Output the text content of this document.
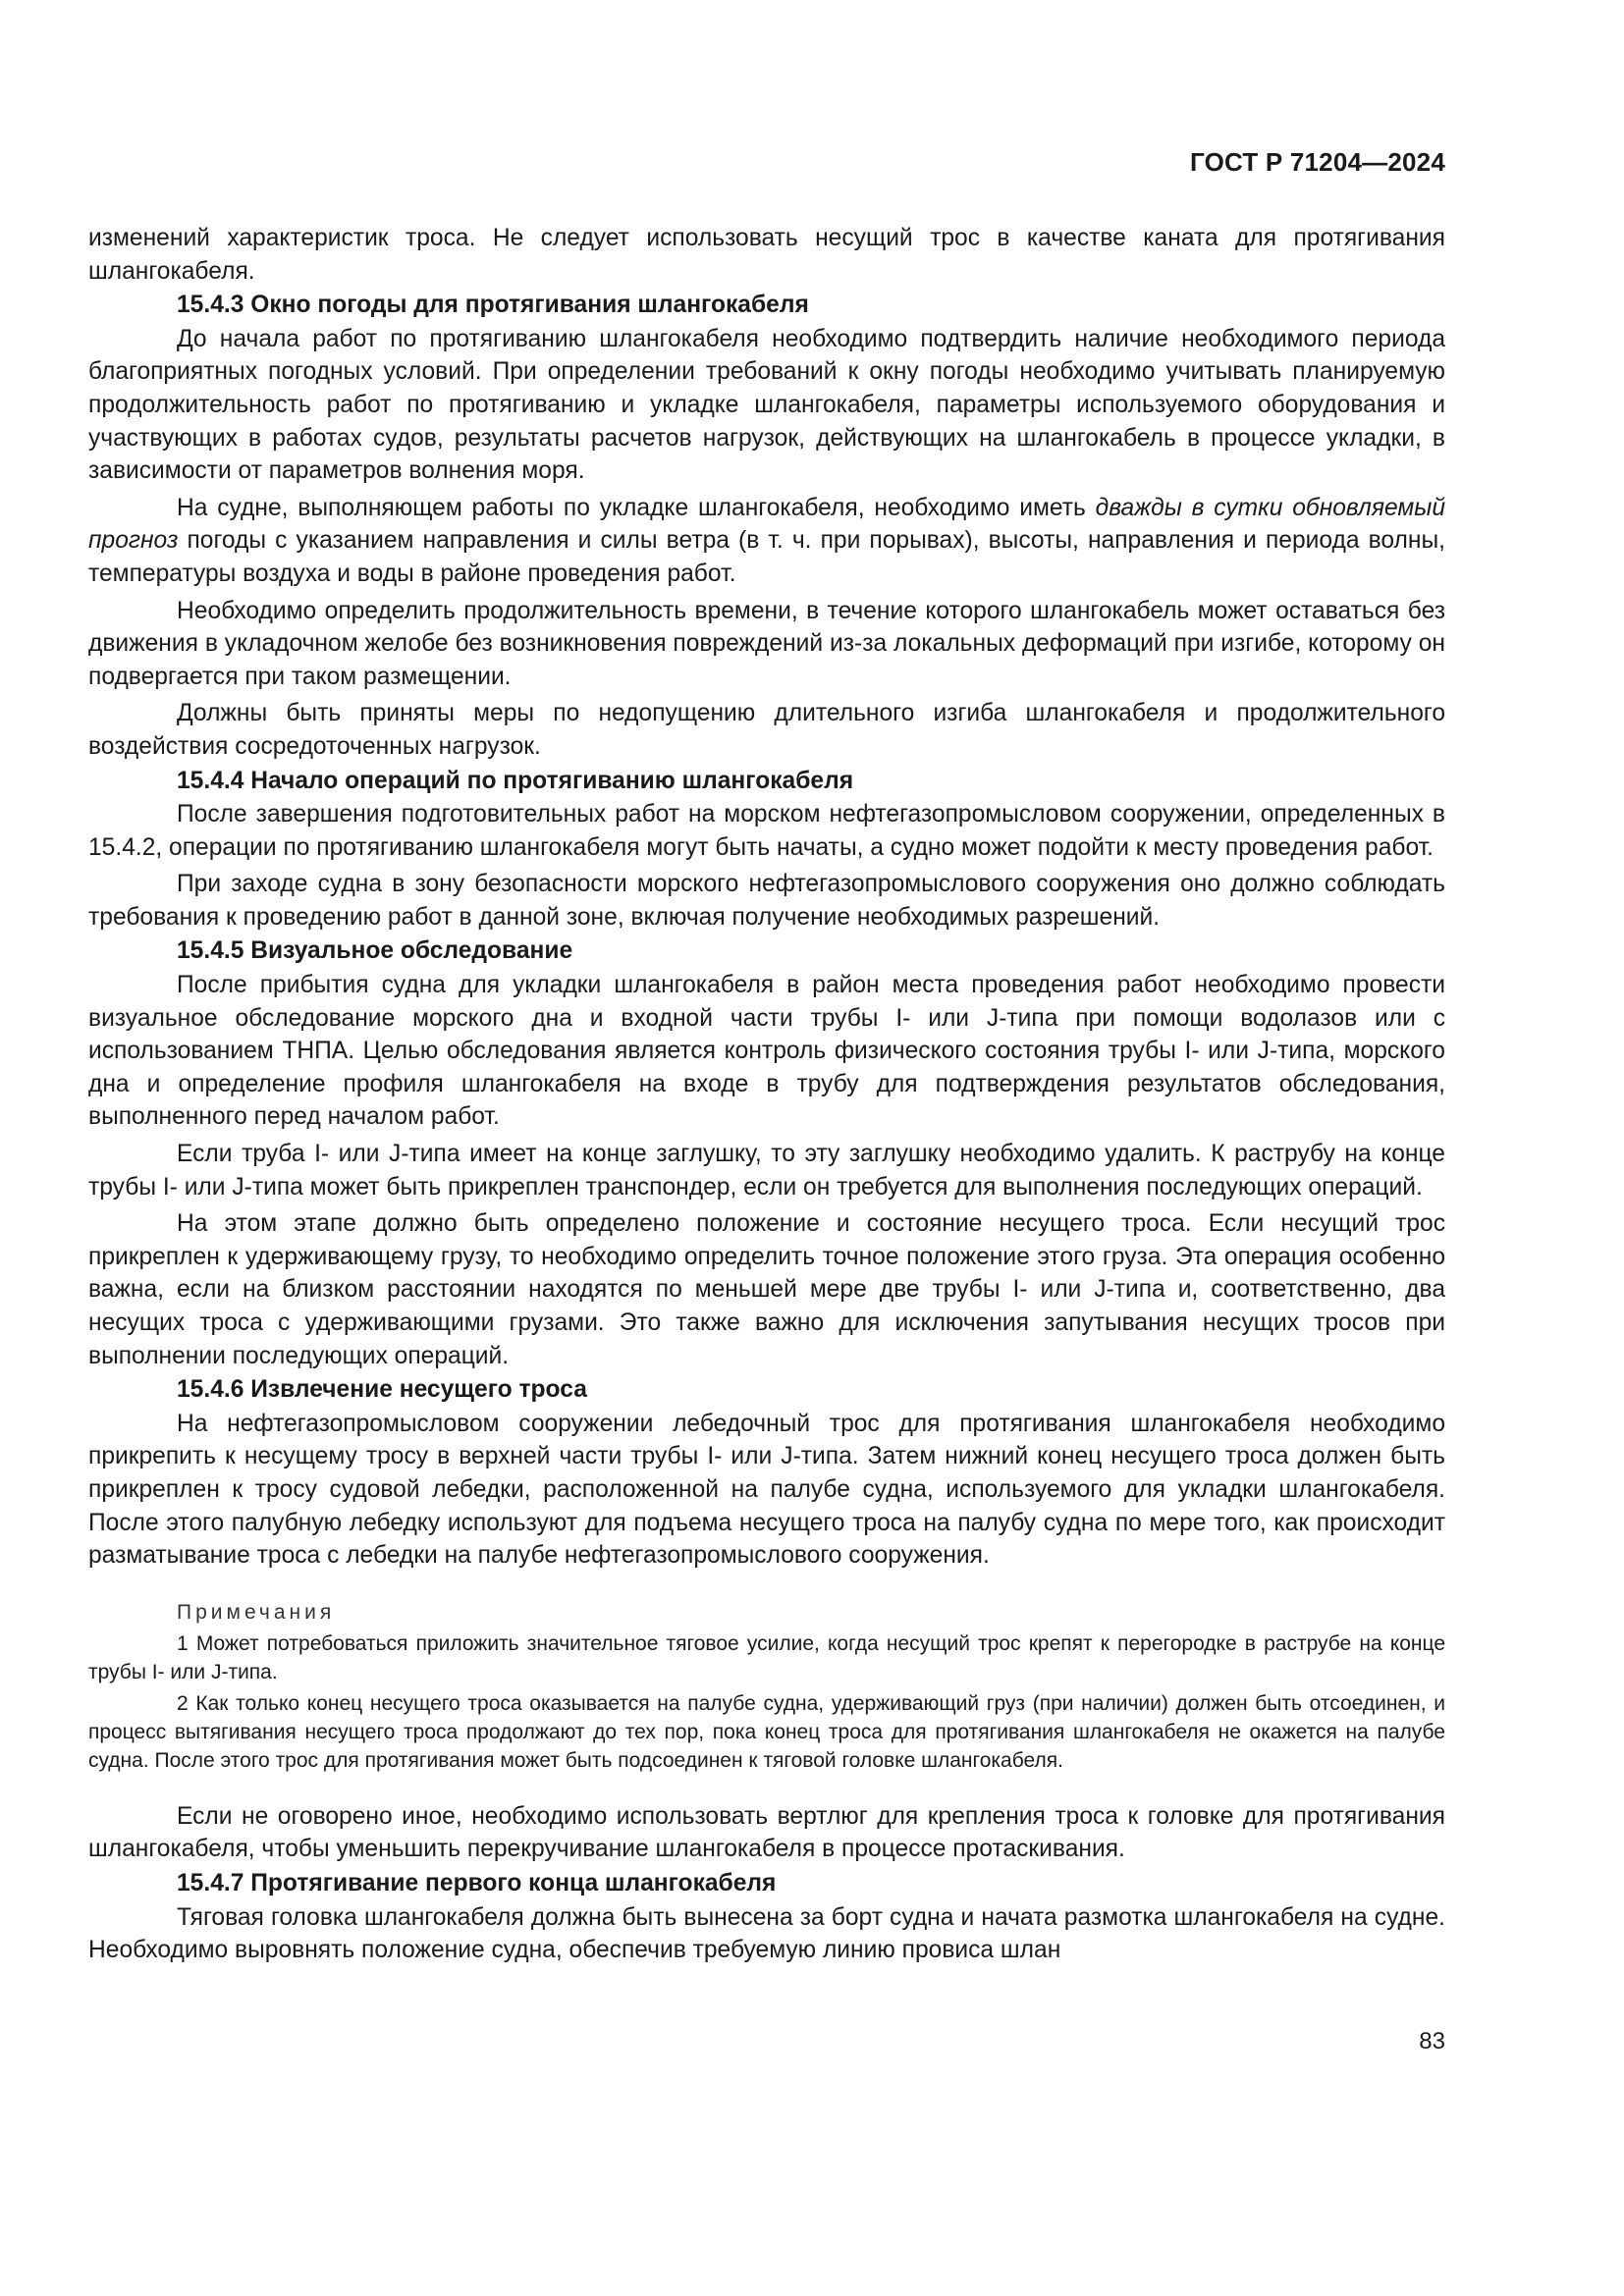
ГОСТ Р 71204—2024

изменений характеристик троса. Не следует использовать несущий трос в качестве каната для протягивания шлангокабеля.

15.4.3 Окно погоды для протягивания шлангокабеля

До начала работ по протягиванию шлангокабеля необходимо подтвердить наличие необходимого периода благоприятных погодных условий. При определении требований к окну погоды необходимо учитывать планируемую продолжительность работ по протягиванию и укладке шлангокабеля, параметры используемого оборудования и участвующих в работах судов, результаты расчетов нагрузок, действующих на шлангокабель в процессе укладки, в зависимости от параметров волнения моря.

На судне, выполняющем работы по укладке шлангокабеля, необходимо иметь дважды в сутки обновляемый прогноз погоды с указанием направления и силы ветра (в т. ч. при порывах), высоты, направления и периода волны, температуры воздуха и воды в районе проведения работ.

Необходимо определить продолжительность времени, в течение которого шлангокабель может оставаться без движения в укладочном желобе без возникновения повреждений из-за локальных деформаций при изгибе, которому он подвергается при таком размещении.

Должны быть приняты меры по недопущению длительного изгиба шлангокабеля и продолжительного воздействия сосредоточенных нагрузок.

15.4.4 Начало операций по протягиванию шлангокабеля

После завершения подготовительных работ на морском нефтегазопромысловом сооружении, определенных в 15.4.2, операции по протягиванию шлангокабеля могут быть начаты, а судно может подойти к месту проведения работ.

При заходе судна в зону безопасности морского нефтегазопромыслового сооружения оно должно соблюдать требования к проведению работ в данной зоне, включая получение необходимых разрешений.

15.4.5 Визуальное обследование

После прибытия судна для укладки шлангокабеля в район места проведения работ необходимо провести визуальное обследование морского дна и входной части трубы I- или J-типа при помощи водолазов или с использованием ТНПА. Целью обследования является контроль физического состояния трубы I- или J-типа, морского дна и определение профиля шлангокабеля на входе в трубу для подтверждения результатов обследования, выполненного перед началом работ.

Если труба I- или J-типа имеет на конце заглушку, то эту заглушку необходимо удалить. К раструбу на конце трубы I- или J-типа может быть прикреплен транспондер, если он требуется для выполнения последующих операций.

На этом этапе должно быть определено положение и состояние несущего троса. Если несущий трос прикреплен к удерживающему грузу, то необходимо определить точное положение этого груза. Эта операция особенно важна, если на близком расстоянии находятся по меньшей мере две трубы I- или J-типа и, соответственно, два несущих троса с удерживающими грузами. Это также важно для исключения запутывания несущих тросов при выполнении последующих операций.

15.4.6 Извлечение несущего троса

На нефтегазопромысловом сооружении лебедочный трос для протягивания шлангокабеля необходимо прикрепить к несущему тросу в верхней части трубы I- или J-типа. Затем нижний конец несущего троса должен быть прикреплен к тросу судовой лебедки, расположенной на палубе судна, используемого для укладки шлангокабеля. После этого палубную лебедку используют для подъема несущего троса на палубу судна по мере того, как происходит разматывание троса с лебедки на палубе нефтегазопромыслового сооружения.

Примечания

1 Может потребоваться приложить значительное тяговое усилие, когда несущий трос крепят к перегородке в раструбе на конце трубы I- или J-типа.

2 Как только конец несущего троса оказывается на палубе судна, удерживающий груз (при наличии) должен быть отсоединен, и процесс вытягивания несущего троса продолжают до тех пор, пока конец троса для протягивания шлангокабеля не окажется на палубе судна. После этого трос для протягивания может быть подсоединен к тяговой головке шлангокабеля.

Если не оговорено иное, необходимо использовать вертлюг для крепления троса к головке для протягивания шлангокабеля, чтобы уменьшить перекручивание шлангокабеля в процессе протаскивания.

15.4.7 Протягивание первого конца шлангокабеля

Тяговая головка шлангокабеля должна быть вынесена за борт судна и начата размотка шлангокабеля на судне. Необходимо выровнять положение судна, обеспечив требуемую линию провиса шлан

83
